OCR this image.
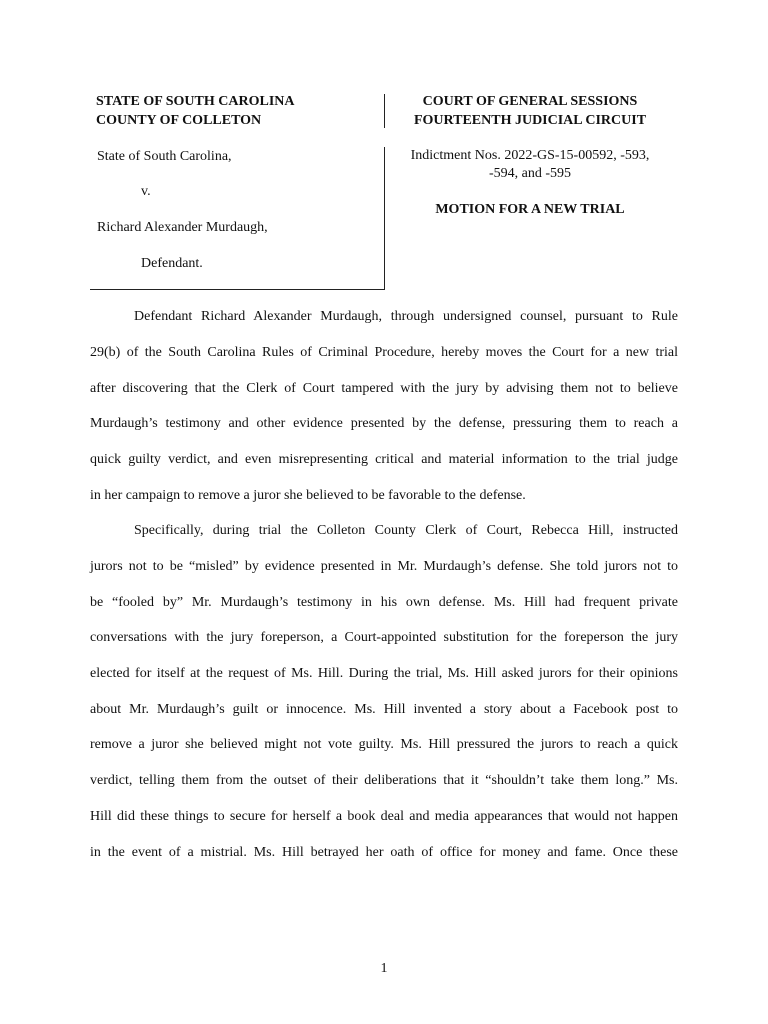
STATE OF SOUTH CAROLINA
COUNTY OF COLLETON
COURT OF GENERAL SESSIONS
FOURTEENTH JUDICIAL CIRCUIT
State of South Carolina,
v.
Richard Alexander Murdaugh,
Defendant.
Indictment Nos. 2022-GS-15-00592, -593,
-594, and -595
MOTION FOR A NEW TRIAL
Defendant Richard Alexander Murdaugh, through undersigned counsel, pursuant to Rule
29(b) of the South Carolina Rules of Criminal Procedure, hereby moves the Court for a new trial
after discovering that the Clerk of Court tampered with the jury by advising them not to believe
Murdaugh’s testimony and other evidence presented by the defense, pressuring them to reach a
quick guilty verdict, and even misrepresenting critical and material information to the trial judge
in her campaign to remove a juror she believed to be favorable to the defense.
Specifically, during trial the Colleton County Clerk of Court, Rebecca Hill, instructed
jurors not to be “misled” by evidence presented in Mr. Murdaugh’s defense. She told jurors not to
be “fooled by” Mr. Murdaugh’s testimony in his own defense. Ms. Hill had frequent private
conversations with the jury foreperson, a Court-appointed substitution for the foreperson the jury
elected for itself at the request of Ms. Hill. During the trial, Ms. Hill asked jurors for their opinions
about Mr. Murdaugh’s guilt or innocence. Ms. Hill invented a story about a Facebook post to
remove a juror she believed might not vote guilty. Ms. Hill pressured the jurors to reach a quick
verdict, telling them from the outset of their deliberations that it “shouldn’t take them long.” Ms.
Hill did these things to secure for herself a book deal and media appearances that would not happen
in the event of a mistrial. Ms. Hill betrayed her oath of office for money and fame. Once these
1
